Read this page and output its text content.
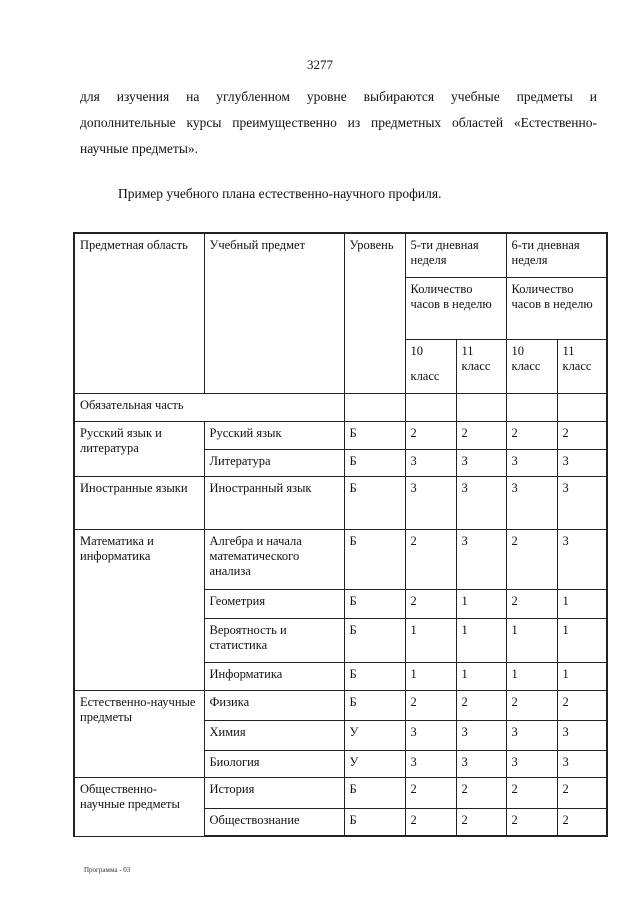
3277
для изучения на углубленном уровне выбираются учебные предметы и
дополнительные курсы преимущественно из предметных областей «Естественно-
научные предметы».
Пример учебного плана естественно-научного профиля.
Предметная область	Учебный предмет	Уровень	5-ти дневная неделя		6-ти дневная неделя	
			Количество часов в неделю		Количество часов в неделю	

			10
класс	11 класс	10 класс	11 класс
Обязательная часть						
Русский язык и литература	Русский язык	Б	2	2	2	2
	Литература	Б	3	3	3	3
Иностранные языки	Иностранный язык	Б	3	3	3	3
Математика и информатика	Алгебра и начала математического анализа	Б	2	3	2	3
	Геометрия	Б	2	1	2	1
	Вероятность и статистика	Б	1	1	1	1
	Информатика	Б	1	1	1	1
Естественно-научные предметы	Физика	Б	2	2	2	2
	Химия	У	3	3	3	3
	Биология	У	3	3	3	3
Общественно-научные предметы	История	Б	2	2	2	2
	Обществознание	Б	2	2	2	2
Программа - 03
